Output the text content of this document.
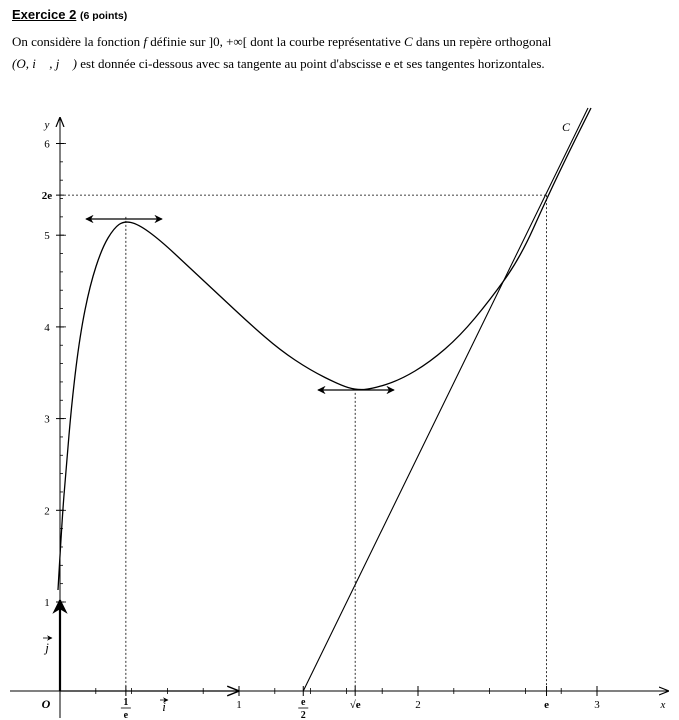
Exercice 2 (6 points)
On considère la fonction f définie sur ]0, +∞[ dont la courbe représentative C dans un repère orthogonal
(O, i⃗ , j⃗ ) est donnée ci-dessous avec sa tangente au point d'abscisse e et ses tangentes horizontales.
x
y
O	i
j
1
2
3
4
5
2e
6
1
e
1	e
2
√e	2	e	3
C
